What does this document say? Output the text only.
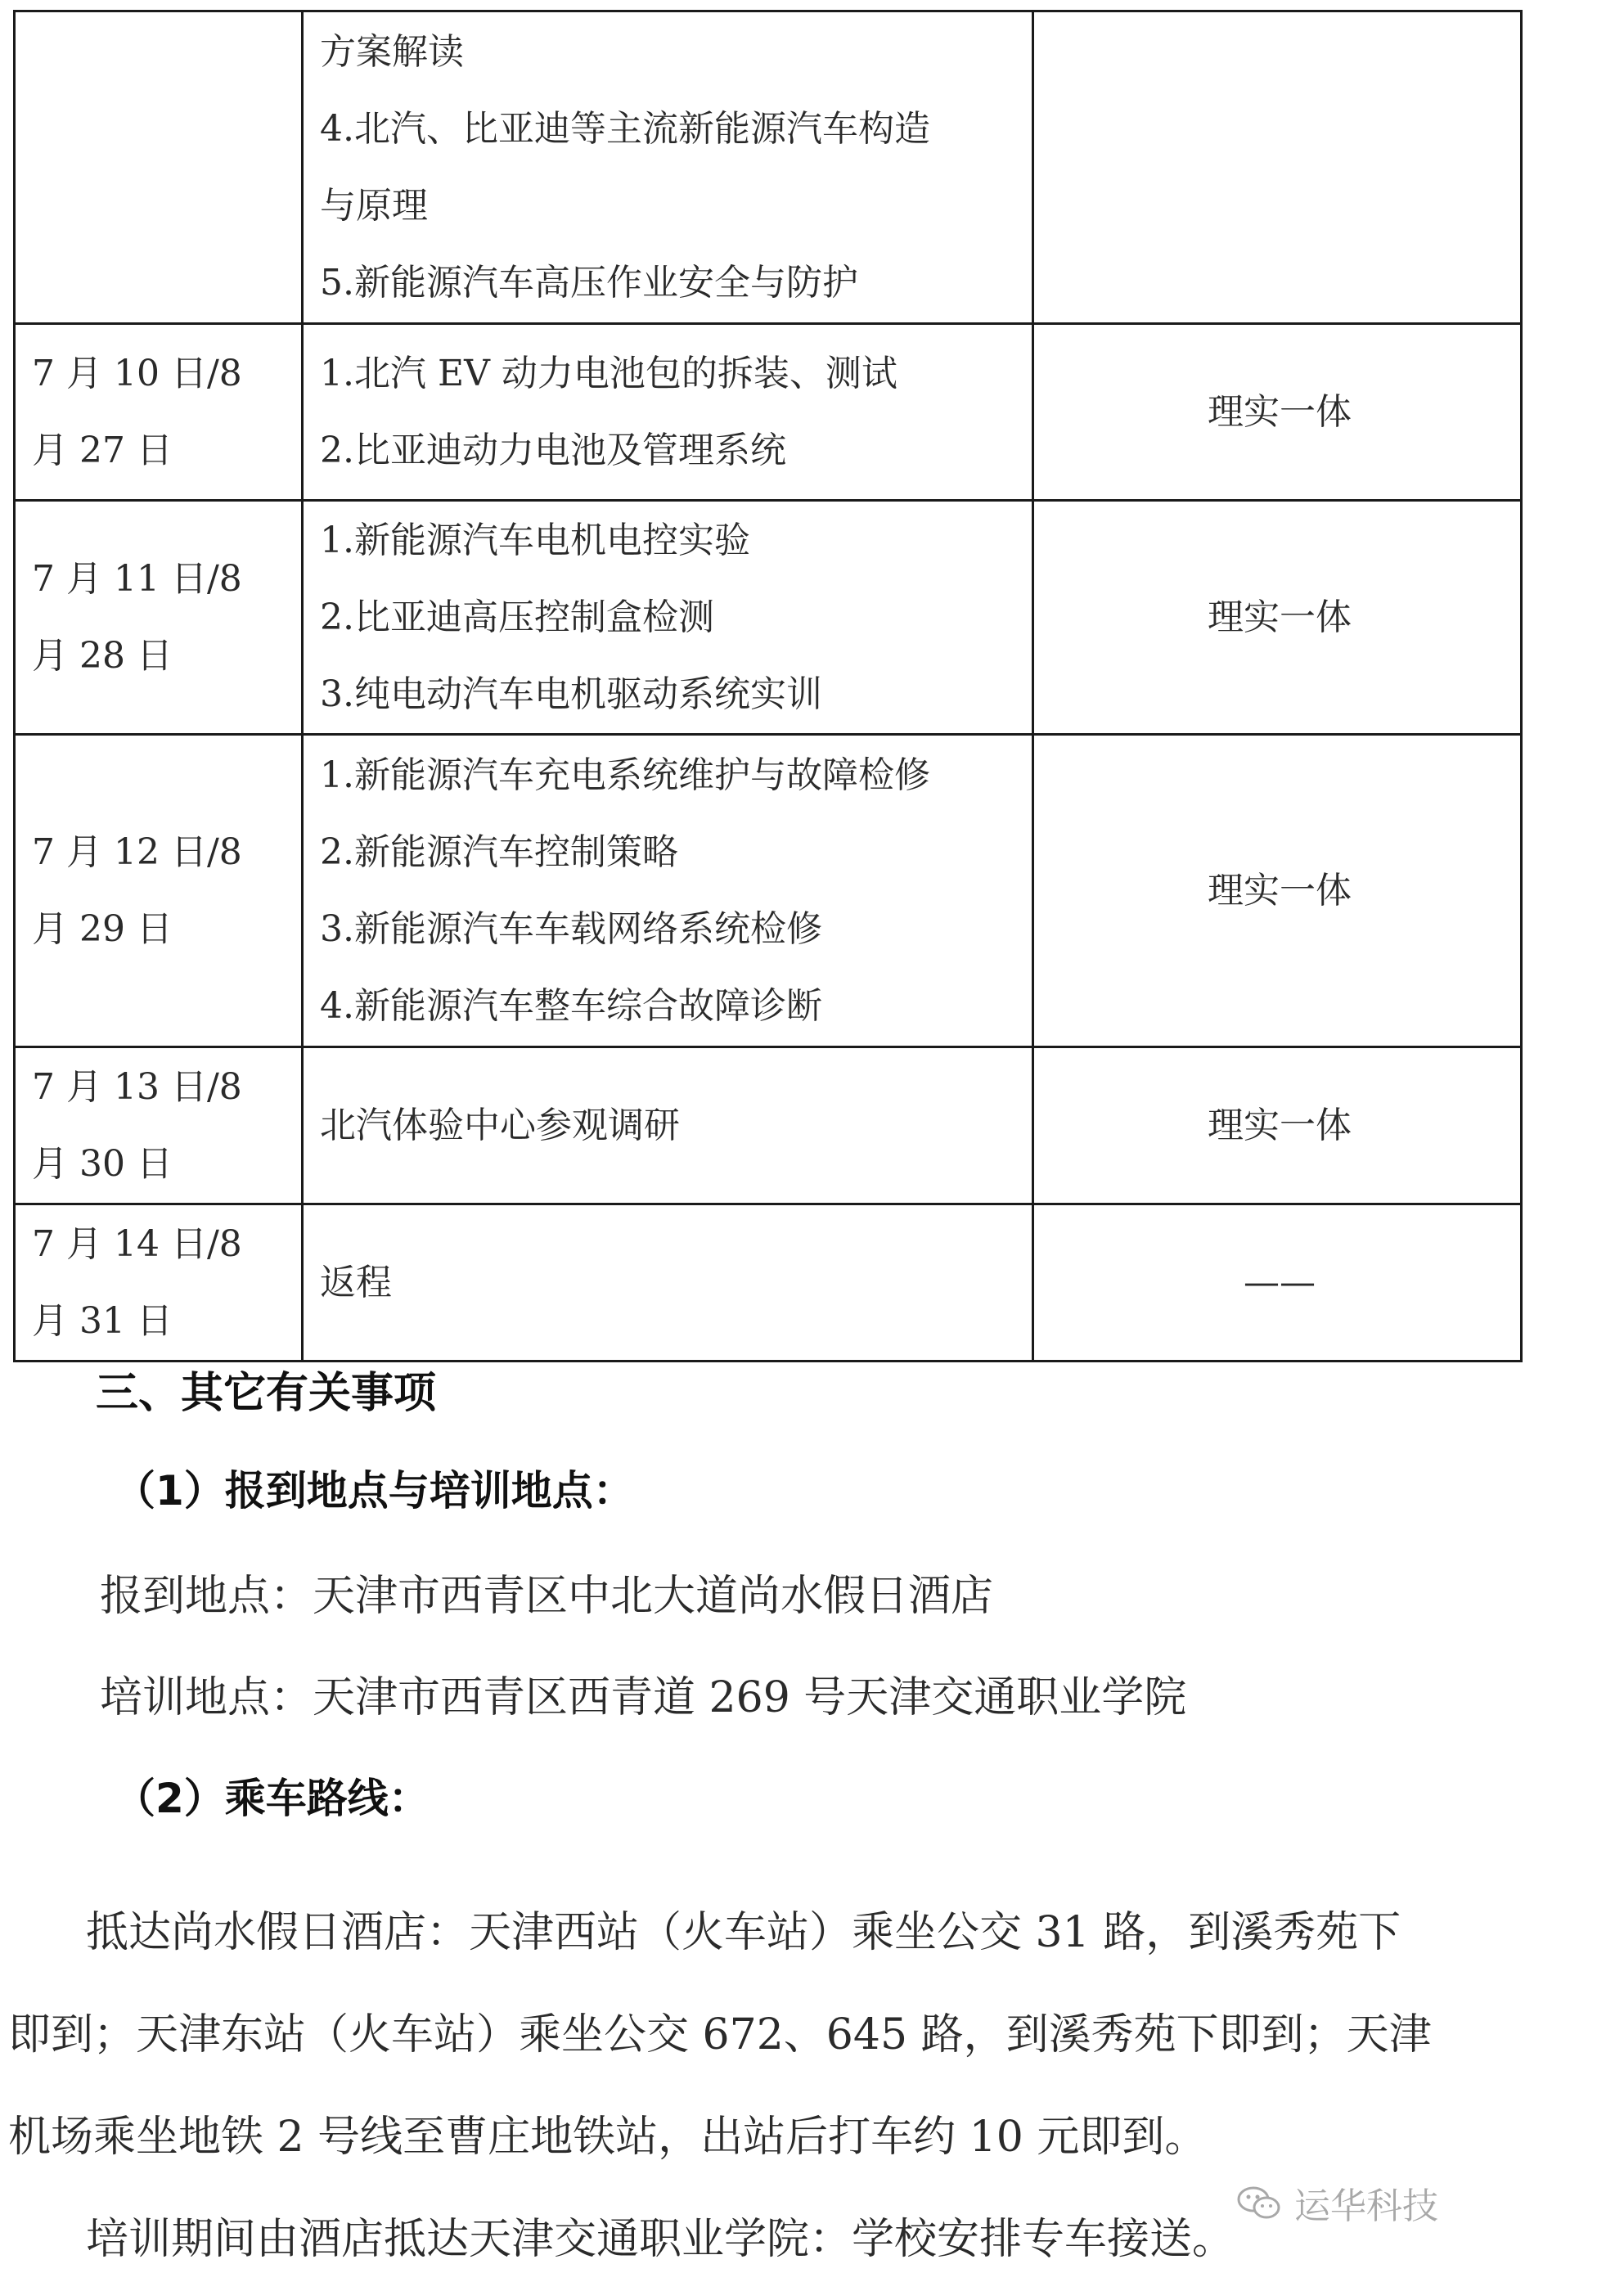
	方案解读
4.北汽、比亚迪等主流新能源汽车构造
与原理
5.新能源汽车高压作业安全与防护	

7 月 10 日/8
月 27 日	1.北汽 EV 动力电池包的拆装、测试
2.比亚迪动力电池及管理系统	理实一体

7 月 11 日/8
月 28 日	1.新能源汽车电机电控实验
2.比亚迪高压控制盒检测
3.纯电动汽车电机驱动系统实训	理实一体

7 月 12 日/8
月 29 日	1.新能源汽车充电系统维护与故障检修
2.新能源汽车控制策略
3.新能源汽车车载网络系统检修
4.新能源汽车整车综合故障诊断	理实一体

7 月 13 日/8
月 30 日	北汽体验中心参观调研	理实一体

7 月 14 日/8
月 31 日	返程	——
三、其它有关事项
（1）报到地点与培训地点：
报到地点：天津市西青区中北大道尚水假日酒店
培训地点：天津市西青区西青道 269 号天津交通职业学院
（2）乘车路线：
抵达尚水假日酒店：天津西站（火车站）乘坐公交 31 路，到溪秀苑下
即到；天津东站（火车站）乘坐公交 672、645 路，到溪秀苑下即到；天津
机场乘坐地铁 2 号线至曹庄地铁站，出站后打车约 10 元即到。
培训期间由酒店抵达天津交通职业学院：学校安排专车接送。
运华科技
